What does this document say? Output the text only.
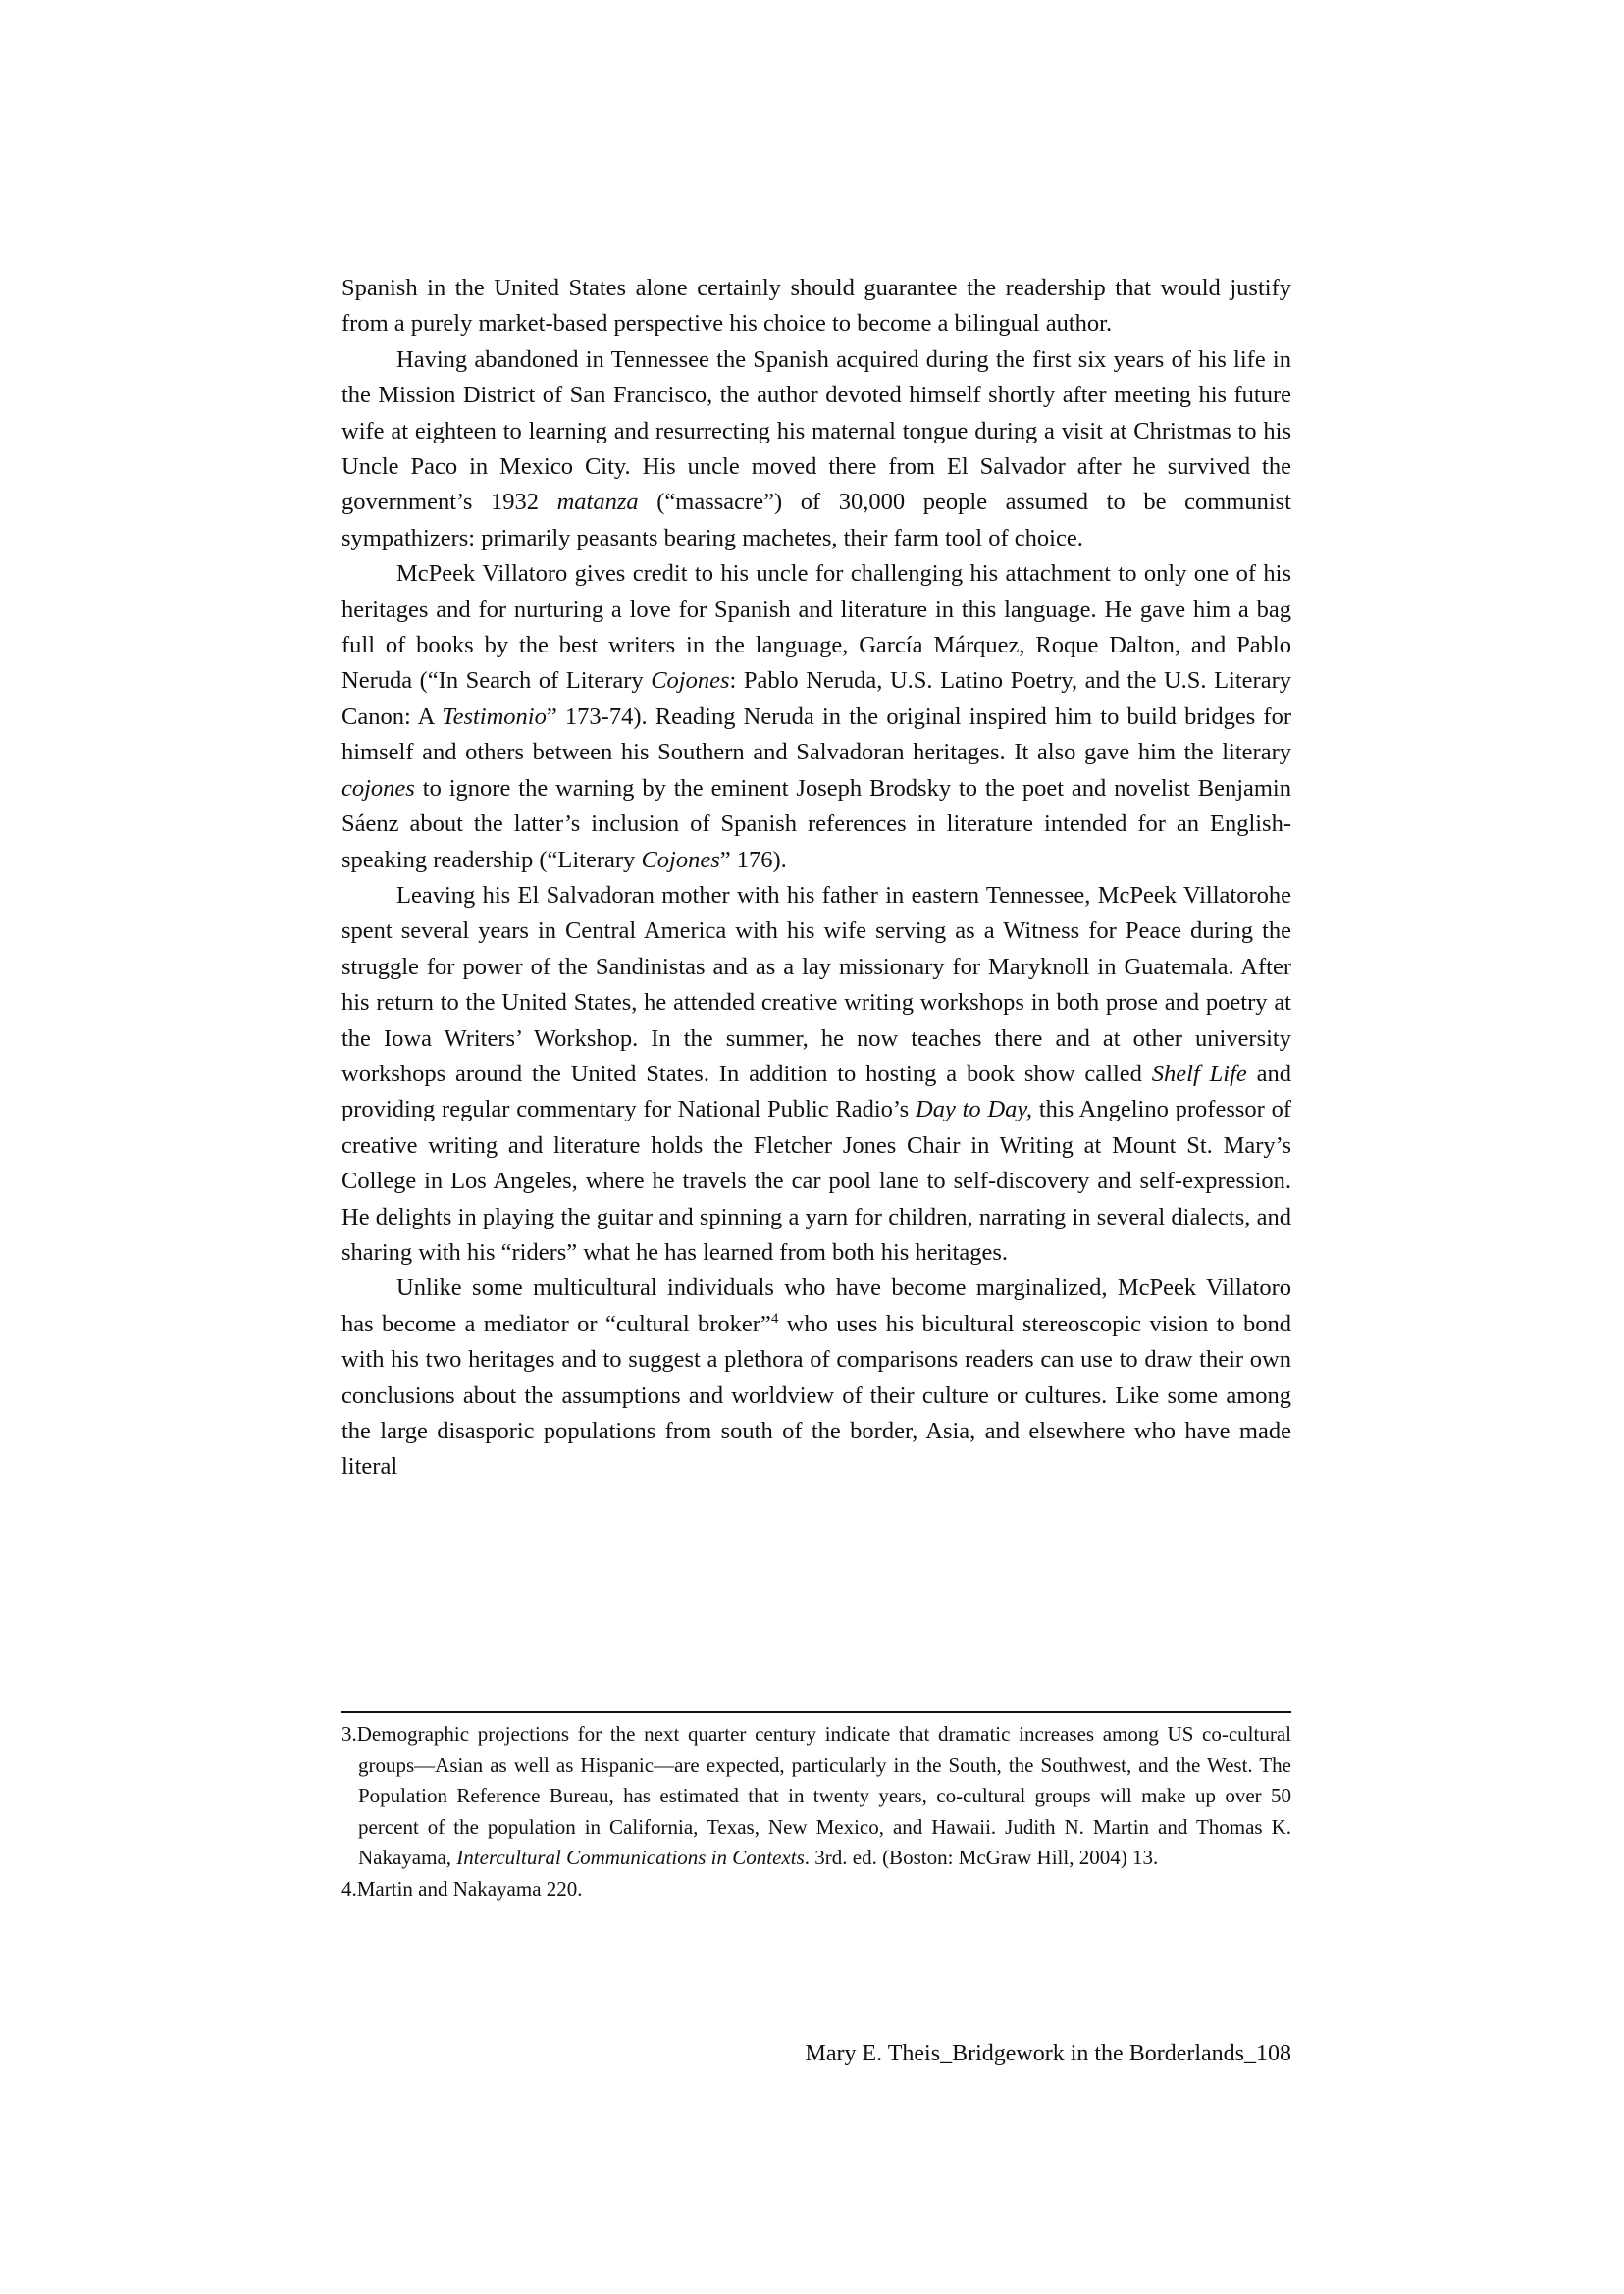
Spanish in the United States alone certainly should guarantee the readership that would justify from a purely market-based perspective his choice to become a bilingual author.

Having abandoned in Tennessee the Spanish acquired during the first six years of his life in the Mission District of San Francisco, the author devoted himself shortly after meeting his future wife at eighteen to learning and resurrecting his maternal tongue during a visit at Christmas to his Uncle Paco in Mexico City. His uncle moved there from El Salvador after he survived the government’s 1932 matanza (“massacre”) of 30,000 people assumed to be communist sympathizers: primarily peasants bearing machetes, their farm tool of choice.

McPeek Villatoro gives credit to his uncle for challenging his attachment to only one of his heritages and for nurturing a love for Spanish and literature in this language. He gave him a bag full of books by the best writers in the language, García Márquez, Roque Dalton, and Pablo Neruda (“In Search of Literary Cojones: Pablo Neruda, U.S. Latino Poetry, and the U.S. Literary Canon: A Testimonio” 173-74). Reading Neruda in the original inspired him to build bridges for himself and others between his Southern and Salvadoran heritages. It also gave him the literary cojones to ignore the warning by the eminent Joseph Brodsky to the poet and novelist Benjamin Sáenz about the latter’s inclusion of Spanish references in literature intended for an English-speaking readership (“Literary Cojones” 176).

Leaving his El Salvadoran mother with his father in eastern Tennessee, McPeek Villatorohe spent several years in Central America with his wife serving as a Witness for Peace during the struggle for power of the Sandinistas and as a lay missionary for Maryknoll in Guatemala. After his return to the United States, he attended creative writing workshops in both prose and poetry at the Iowa Writers’ Workshop. In the summer, he now teaches there and at other university workshops around the United States. In addition to hosting a book show called Shelf Life and providing regular commentary for National Public Radio’s Day to Day, this Angelino professor of creative writing and literature holds the Fletcher Jones Chair in Writing at Mount St. Mary’s College in Los Angeles, where he travels the car pool lane to self-discovery and self-expression. He delights in playing the guitar and spinning a yarn for children, narrating in several dialects, and sharing with his “riders” what he has learned from both his heritages.

Unlike some multicultural individuals who have become marginalized, McPeek Villatoro has become a mediator or “cultural broker”$^4$ who uses his bicultural stereoscopic vision to bond with his two heritages and to suggest a plethora of comparisons readers can use to draw their own conclusions about the assumptions and worldview of their culture or cultures. Like some among the large disasporic populations from south of the border, Asia, and elsewhere who have made literal

3.Demographic projections for the next quarter century indicate that dramatic increases among US co-cultural groups—Asian as well as Hispanic—are expected, particularly in the South, the Southwest, and the West. The Population Reference Bureau, has estimated that in twenty years, co-cultural groups will make up over 50 percent of the population in California, Texas, New Mexico, and Hawaii. Judith N. Martin and Thomas K. Nakayama, Intercultural Communications in Contexts. 3rd. ed. (Boston: McGraw Hill, 2004) 13.

4.Martin and Nakayama 220.

Mary E. Theis_Bridgework in the Borderlands_108
